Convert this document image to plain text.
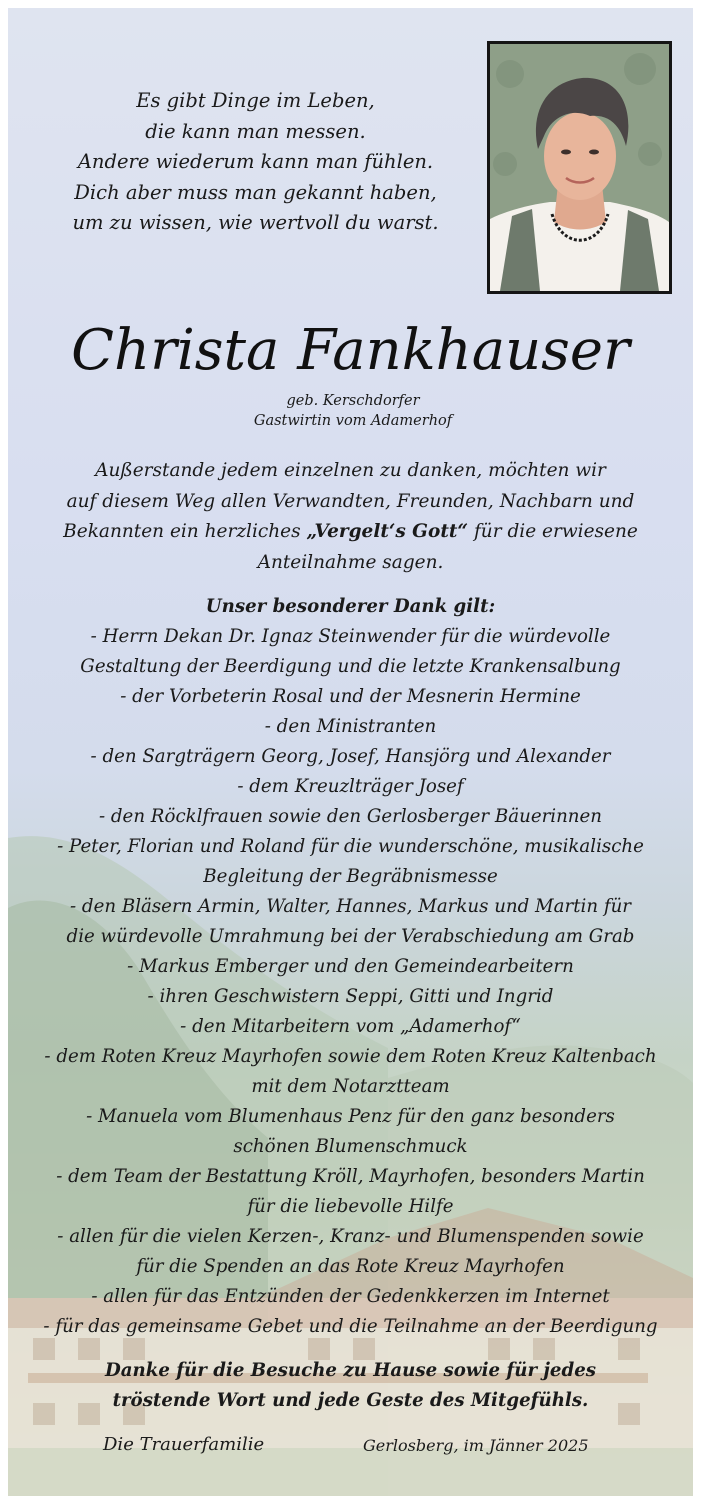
Es gibt Dinge im Leben,
die kann man messen.
Andere wiederum kann man fühlen.
Dich aber muss man gekannt haben,
um zu wissen, wie wertvoll du warst.
Christa Fankhauser
geb. Kerschdorfer
Gastwirtin vom Adamerhof
Außerstande jedem einzelnen zu danken, möchten wir
auf diesem Weg allen Verwandten, Freunden, Nachbarn und
Bekannten ein herzliches „Vergelt‘s Gott“ für die erwiesene
Anteilnahme sagen.
Unser besonderer Dank gilt:
- Herrn Dekan Dr. Ignaz Steinwender für die würdevolle
Gestaltung der Beerdigung und die letzte Krankensalbung
- der Vorbeterin Rosal und der Mesnerin Hermine
- den Ministranten
- den Sargträgern Georg, Josef, Hansjörg und Alexander
- dem Kreuzlträger Josef
- den Röcklfrauen sowie den Gerlosberger Bäuerinnen
- Peter, Florian und Roland für die wunderschöne, musikalische
Begleitung der Begräbnismesse
- den Bläsern Armin, Walter, Hannes, Markus und Martin für
die würdevolle Umrahmung bei der Verabschiedung am Grab
- Markus Emberger und den Gemeindearbeitern
- ihren Geschwistern Seppi, Gitti und Ingrid
- den Mitarbeitern vom „Adamerhof“
- dem Roten Kreuz Mayrhofen sowie dem Roten Kreuz Kaltenbach
mit dem Notarztteam
- Manuela vom Blumenhaus Penz für den ganz besonders
schönen Blumenschmuck
- dem Team der Bestattung Kröll, Mayrhofen, besonders Martin
für die liebevolle Hilfe
- allen für die vielen Kerzen-, Kranz- und Blumenspenden sowie
für die Spenden an das Rote Kreuz Mayrhofen
- allen für das Entzünden der Gedenkkerzen im Internet
- für das gemeinsame Gebet und die Teilnahme an der Beerdigung
Danke für die Besuche zu Hause sowie für jedes
tröstende Wort und jede Geste des Mitgefühls.
Die Trauerfamilie	Gerlosberg, im Jänner 2025
